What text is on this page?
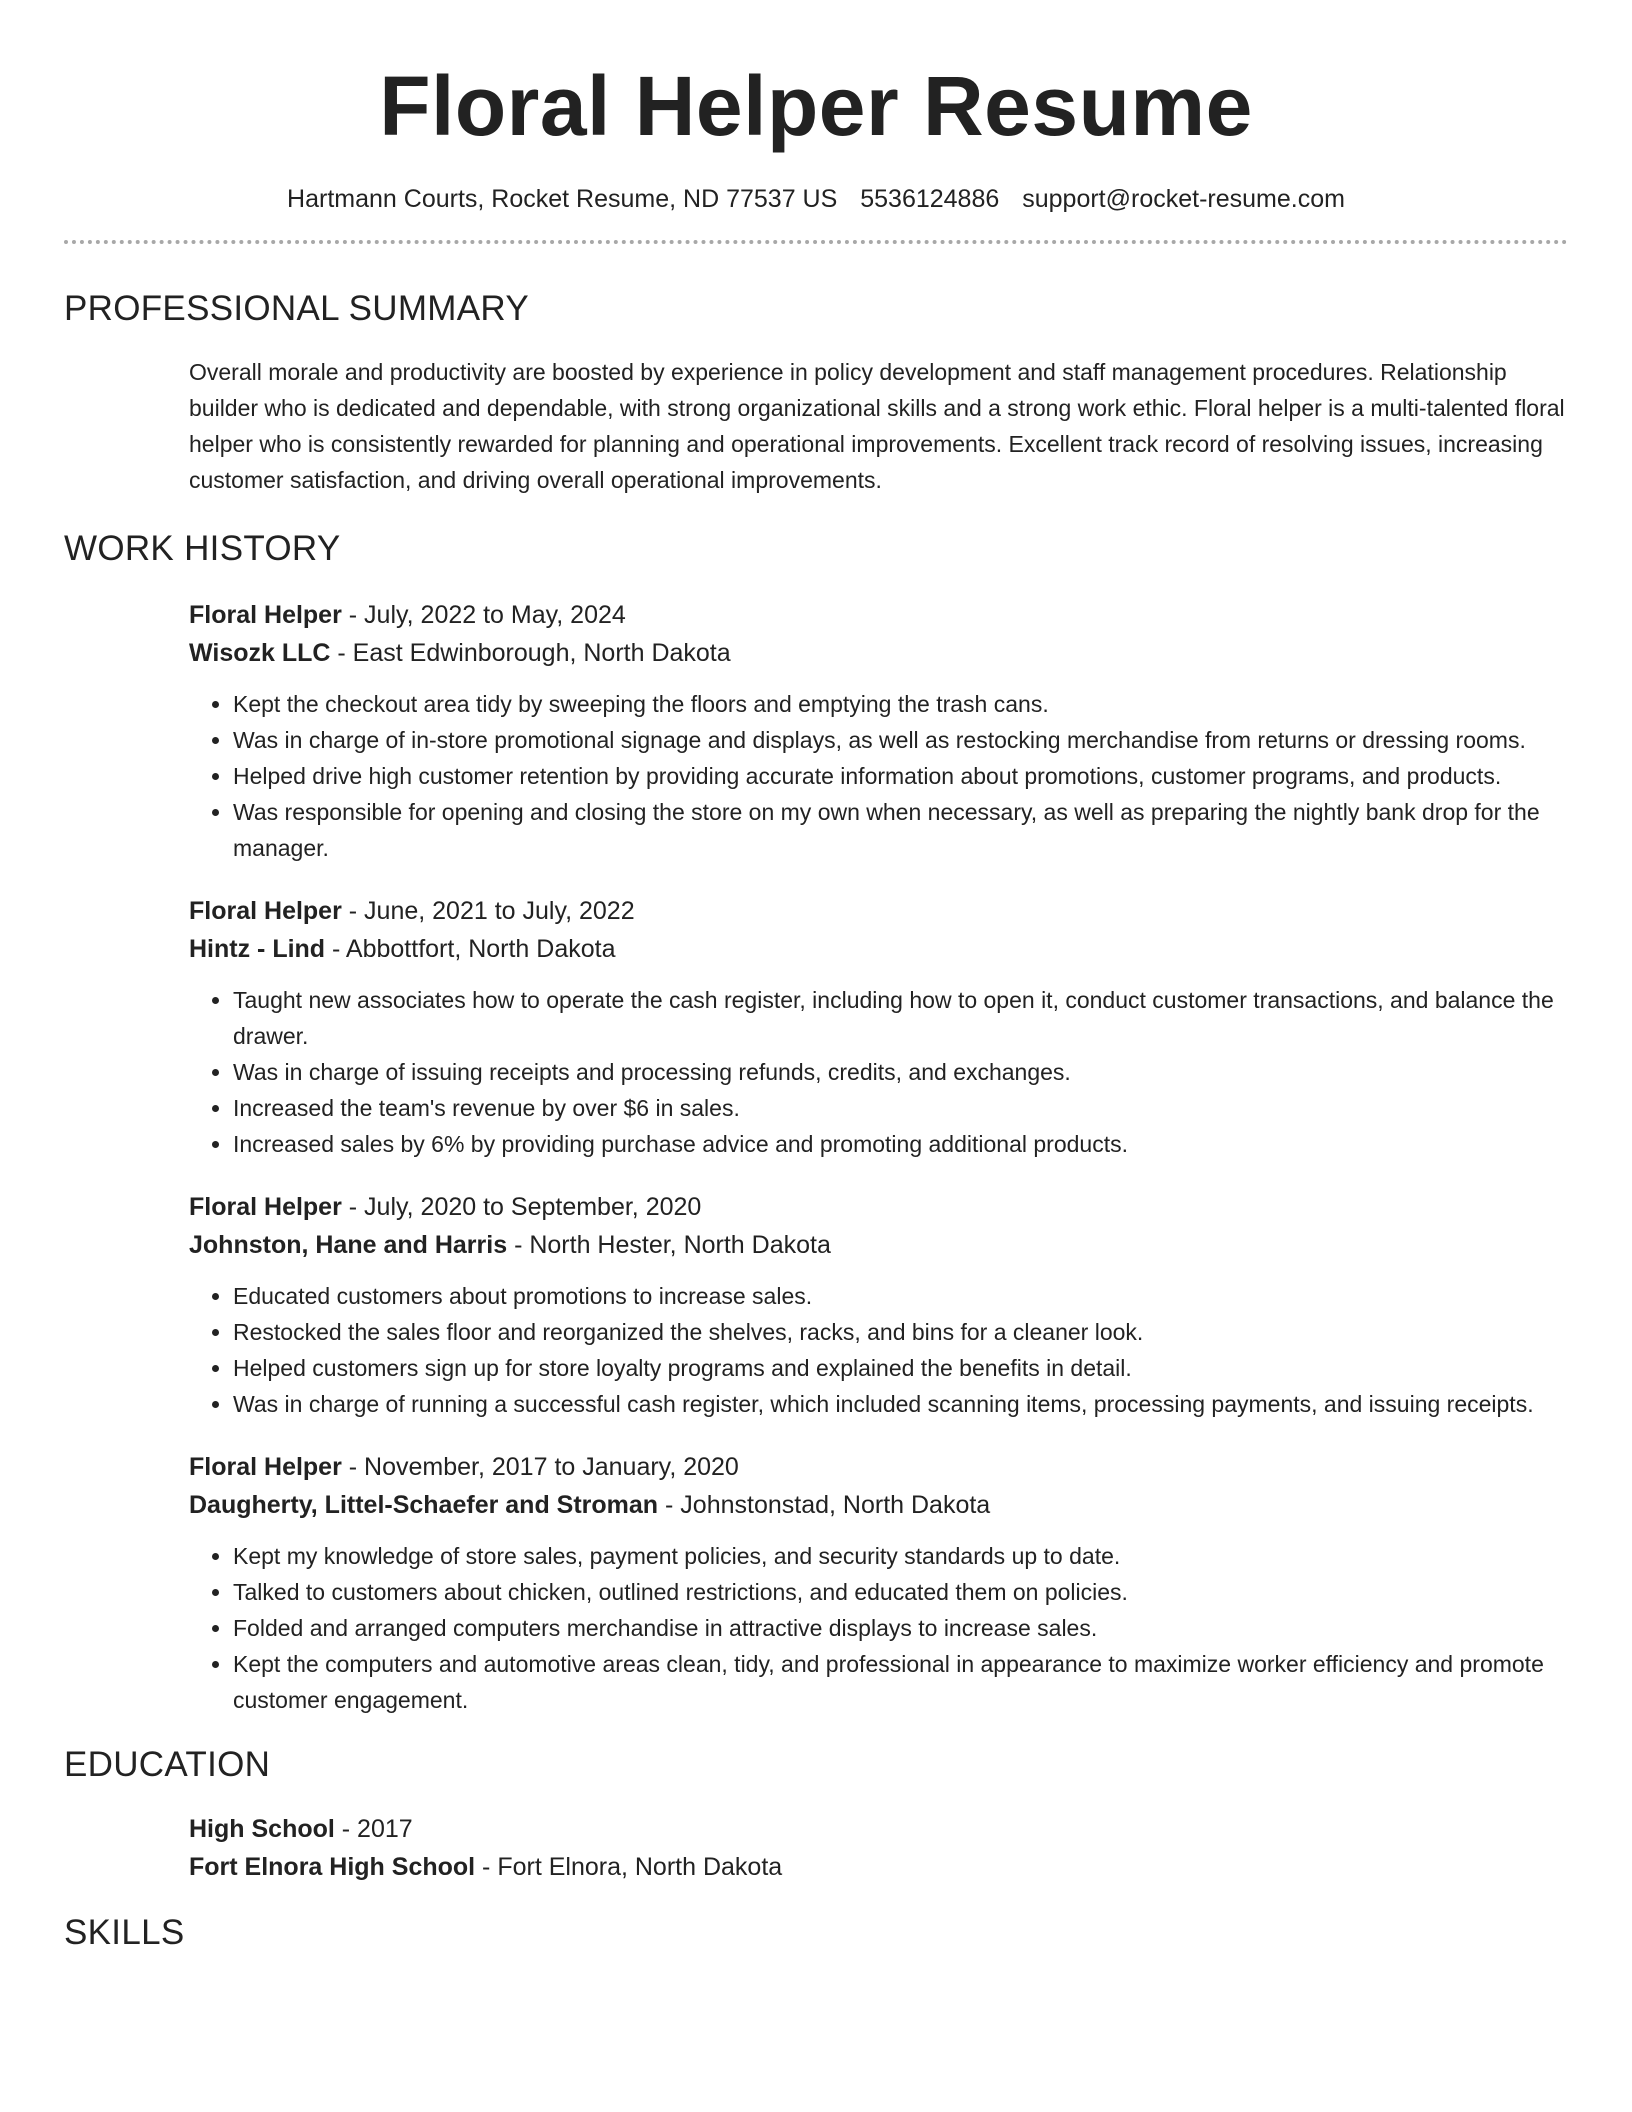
Floral Helper Resume
Hartmann Courts, Rocket Resume, ND 77537 US 5536124886 support@rocket-resume.com
PROFESSIONAL SUMMARY

Overall morale and productivity are boosted by experience in policy development and staff management procedures. Relationship builder who is dedicated and dependable, with strong organizational skills and a strong work ethic. Floral helper is a multi-talented floral helper who is consistently rewarded for planning and operational improvements. Excellent track record of resolving issues, increasing customer satisfaction, and driving overall operational improvements.

WORK HISTORY
Floral Helper - July, 2022 to May, 2024
Wisozk LLC - East Edwinborough, North Dakota
• Kept the checkout area tidy by sweeping the floors and emptying the trash cans.
• Was in charge of in-store promotional signage and displays, as well as restocking merchandise from returns or dressing rooms.
• Helped drive high customer retention by providing accurate information about promotions, customer programs, and products.
• Was responsible for opening and closing the store on my own when necessary, as well as preparing the nightly bank drop for the manager.
Floral Helper - June, 2021 to July, 2022
Hintz - Lind - Abbottfort, North Dakota
• Taught new associates how to operate the cash register, including how to open it, conduct customer transactions, and balance the drawer.
• Was in charge of issuing receipts and processing refunds, credits, and exchanges.
• Increased the team's revenue by over $6 in sales.
• Increased sales by 6% by providing purchase advice and promoting additional products.
Floral Helper - July, 2020 to September, 2020
Johnston, Hane and Harris - North Hester, North Dakota
• Educated customers about promotions to increase sales.
• Restocked the sales floor and reorganized the shelves, racks, and bins for a cleaner look.
• Helped customers sign up for store loyalty programs and explained the benefits in detail.
• Was in charge of running a successful cash register, which included scanning items, processing payments, and issuing receipts.
Floral Helper - November, 2017 to January, 2020
Daugherty, Littel-Schaefer and Stroman - Johnstonstad, North Dakota
• Kept my knowledge of store sales, payment policies, and security standards up to date.
• Talked to customers about chicken, outlined restrictions, and educated them on policies.
• Folded and arranged computers merchandise in attractive displays to increase sales.
• Kept the computers and automotive areas clean, tidy, and professional in appearance to maximize worker efficiency and promote customer engagement.
EDUCATION
High School - 2017
Fort Elnora High School - Fort Elnora, North Dakota
SKILLS
